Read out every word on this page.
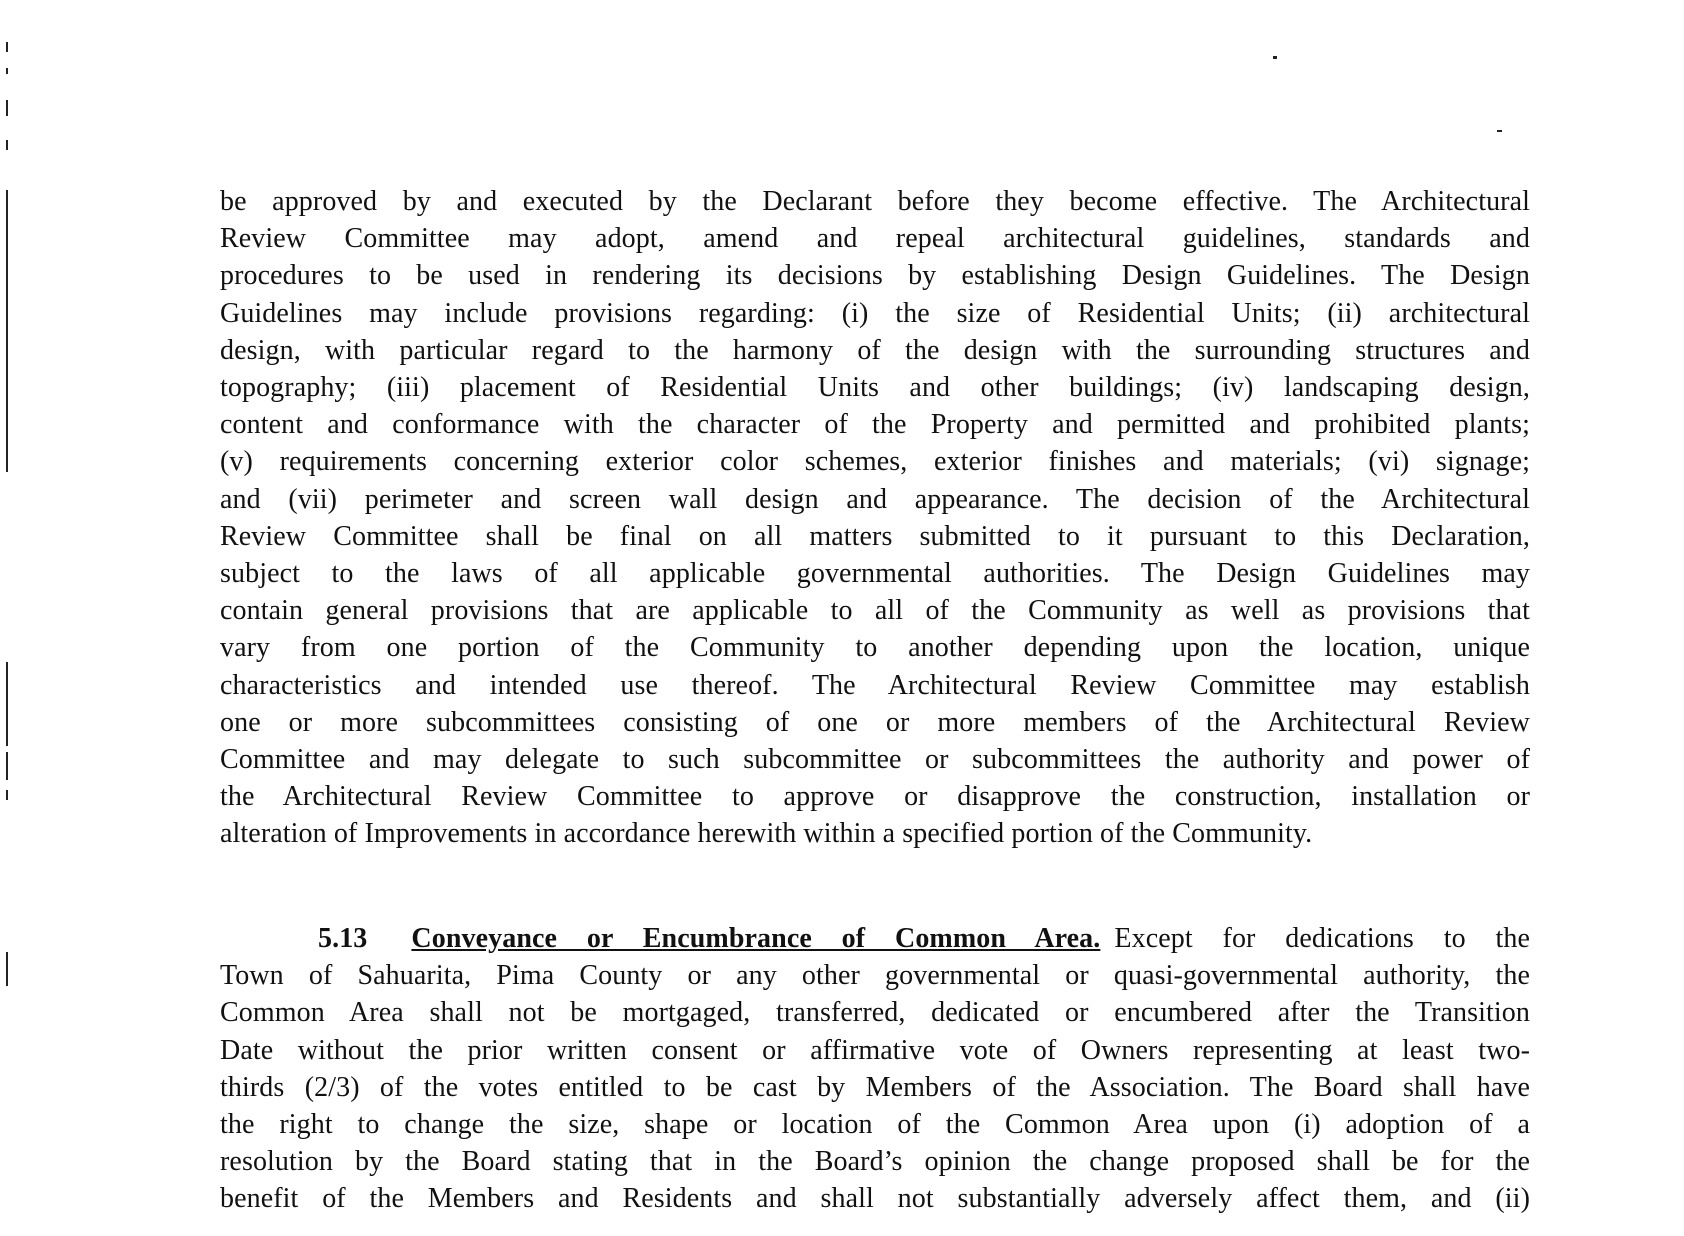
be approved by and executed by the Declarant before they become effective. The Architectural
Review Committee may adopt, amend and repeal architectural guidelines, standards and
procedures to be used in rendering its decisions by establishing Design Guidelines. The Design
Guidelines may include provisions regarding: (i) the size of Residential Units; (ii) architectural
design, with particular regard to the harmony of the design with the surrounding structures and
topography; (iii) placement of Residential Units and other buildings; (iv) landscaping design,
content and conformance with the character of the Property and permitted and prohibited plants;
(v) requirements concerning exterior color schemes, exterior finishes and materials; (vi) signage;
and (vii) perimeter and screen wall design and appearance. The decision of the Architectural
Review Committee shall be final on all matters submitted to it pursuant to this Declaration,
subject to the laws of all applicable governmental authorities. The Design Guidelines may
contain general provisions that are applicable to all of the Community as well as provisions that
vary from one portion of the Community to another depending upon the location, unique
characteristics and intended use thereof. The Architectural Review Committee may establish
one or more subcommittees consisting of one or more members of the Architectural Review
Committee and may delegate to such subcommittee or subcommittees the authority and power of
the Architectural Review Committee to approve or disapprove the construction, installation or
alteration of Improvements in accordance herewith within a specified portion of the Community.
5.13 Conveyance or Encumbrance of Common Area. Except for dedications to the
Town of Sahuarita, Pima County or any other governmental or quasi-governmental authority, the
Common Area shall not be mortgaged, transferred, dedicated or encumbered after the Transition
Date without the prior written consent or affirmative vote of Owners representing at least two-
thirds (2/3) of the votes entitled to be cast by Members of the Association. The Board shall have
the right to change the size, shape or location of the Common Area upon (i) adoption of a
resolution by the Board stating that in the Board’s opinion the change proposed shall be for the
benefit of the Members and Residents and shall not substantially adversely affect them, and (ii)
